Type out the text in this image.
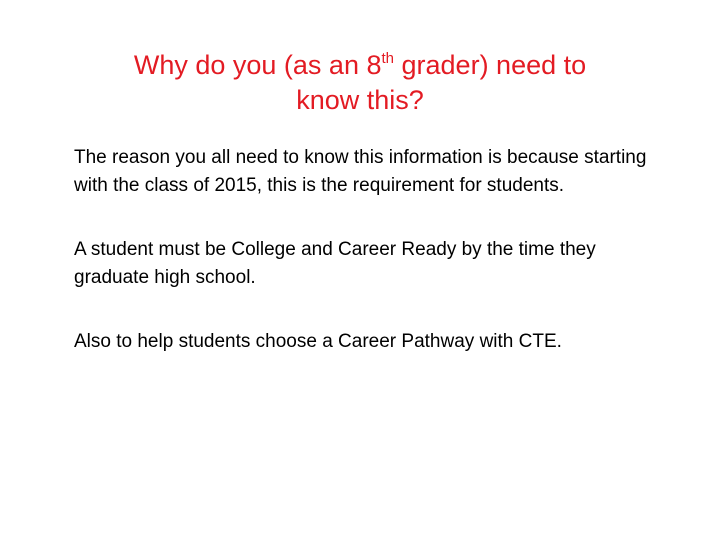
Why do you (as an 8th grader) need to
know this?

The reason you all need to know this information is because starting with the class of 2015, this is the requirement for students.

A student must be College and Career Ready by the time they graduate high school.

Also to help students choose a Career Pathway with CTE.
